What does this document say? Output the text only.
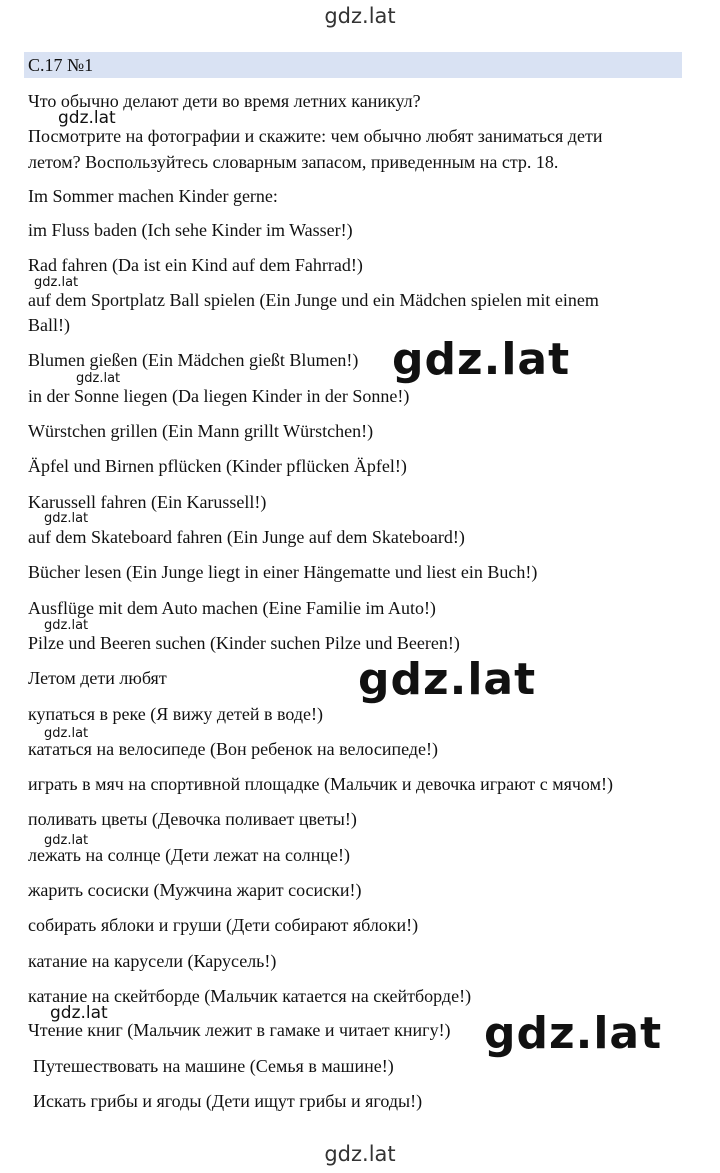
gdz.lat
С.17 №1
Что обычно делают дети во время летних каникул?
Посмотрите на фотографии и скажите: чем обычно любят заниматься дети
летом? Воспользуйтесь словарным запасом, приведенным на стр. 18.
Im Sommer machen Kinder gerne:
im Fluss baden (Ich sehe Kinder im Wasser!)
Rad fahren (Da ist ein Kind auf dem Fahrrad!)
auf dem Sportplatz Ball spielen (Ein Junge und ein Mädchen spielen mit einem
Ball!)
Blumen gießen (Ein Mädchen gießt Blumen!)
in der Sonne liegen (Da liegen Kinder in der Sonne!)
Würstchen grillen (Ein Mann grillt Würstchen!)
Äpfel und Birnen pflücken (Kinder pflücken Äpfel!)
Karussell fahren (Ein Karussell!)
auf dem Skateboard fahren (Ein Junge auf dem Skateboard!)
Bücher lesen (Ein Junge liegt in einer Hängematte und liest ein Buch!)
Ausflüge mit dem Auto machen (Eine Familie im Auto!)
Pilze und Beeren suchen (Kinder suchen Pilze und Beeren!)
Летом дети любят
купаться в реке (Я вижу детей в воде!)
кататься на велосипеде (Вон ребенок на велосипеде!)
играть в мяч на спортивной площадке (Мальчик и девочка играют с мячом!)
поливать цветы (Девочка поливает цветы!)
лежать на солнце (Дети лежат на солнце!)
жарить сосиски (Мужчина жарит сосиски!)
собирать яблоки и груши (Дети собирают яблоки!)
катание на карусели (Карусель!)
катание на скейтборде (Мальчик катается на скейтборде!)
Чтение книг (Мальчик лежит в гамаке и читает книгу!)
Путешествовать на машине (Семья в машине!)
Искать грибы и ягоды (Дети ищут грибы и ягоды!)
gdz.lat
gdz.lat
gdz.lat
gdz.lat
gdz.lat
gdz.lat
gdz.lat
gdz.lat
gdz.lat
gdz.lat	gdz.lat
gdz.lat
